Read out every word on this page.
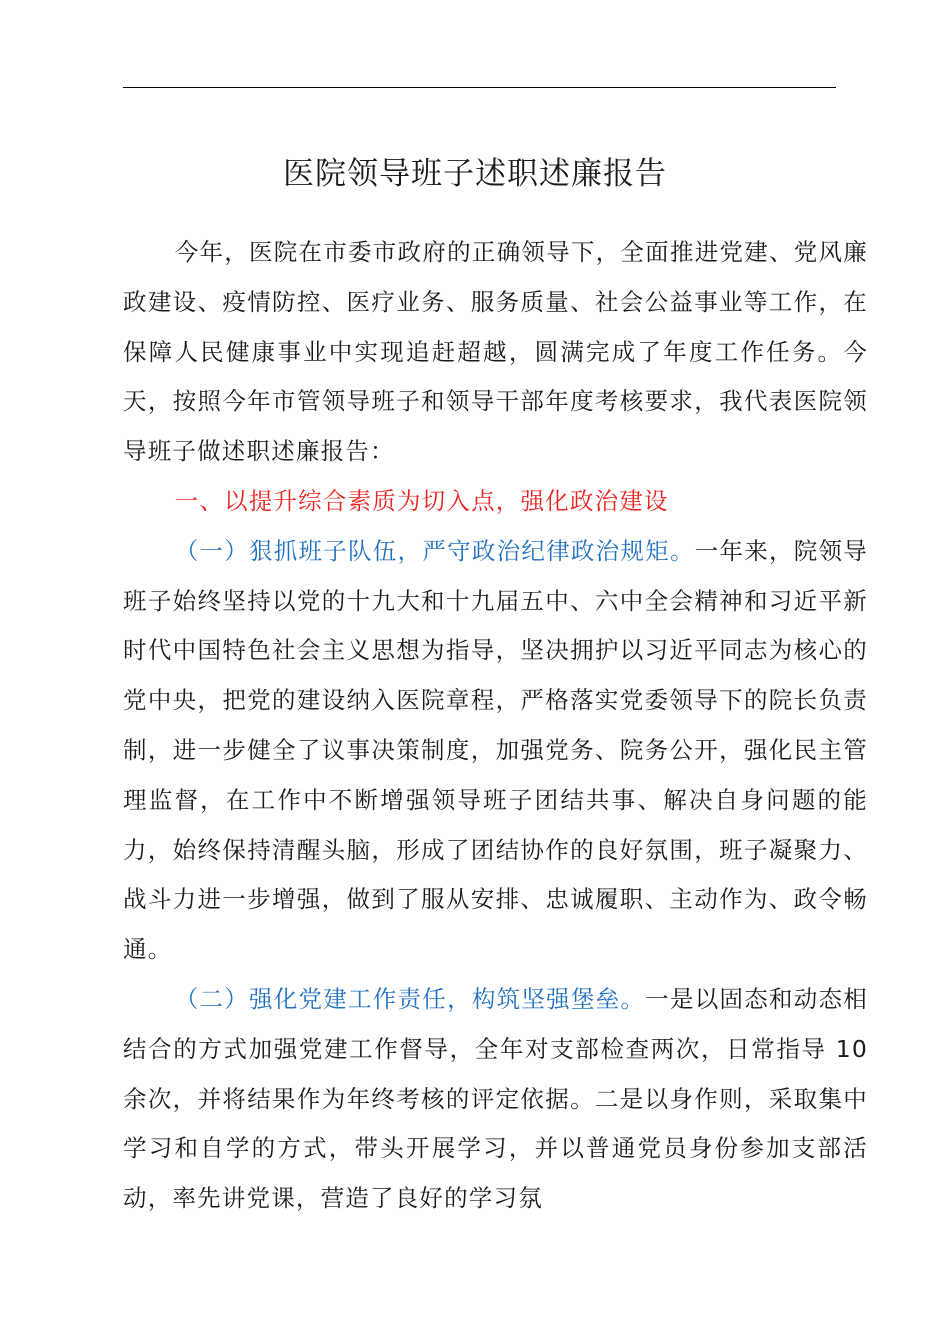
医院领导班子述职述廉报告

今年，医院在市委市政府的正确领导下，全面推进党建、党风廉政建设、疫情防控、医疗业务、服务质量、社会公益事业等工作，在保障人民健康事业中实现追赶超越，圆满完成了年度工作任务。今天，按照今年市管领导班子和领导干部年度考核要求，我代表医院领导班子做述职述廉报告：

一、以提升综合素质为切入点，强化政治建设

（一）狠抓班子队伍，严守政治纪律政治规矩。一年来，院领导班子始终坚持以党的十九大和十九届五中、六中全会精神和习近平新时代中国特色社会主义思想为指导，坚决拥护以习近平同志为核心的党中央，把党的建设纳入医院章程，严格落实党委领导下的院长负责制，进一步健全了议事决策制度，加强党务、院务公开，强化民主管理监督，在工作中不断增强领导班子团结共事、解决自身问题的能力，始终保持清醒头脑，形成了团结协作的良好氛围，班子凝聚力、战斗力进一步增强，做到了服从安排、忠诚履职、主动作为、政令畅通。

（二）强化党建工作责任，构筑坚强堡垒。一是以固态和动态相结合的方式加强党建工作督导，全年对支部检查两次，日常指导 10 余次，并将结果作为年终考核的评定依据。二是以身作则，采取集中学习和自学的方式，带头开展学习，并以普通党员身份参加支部活动，率先讲党课，营造了良好的学习氛
